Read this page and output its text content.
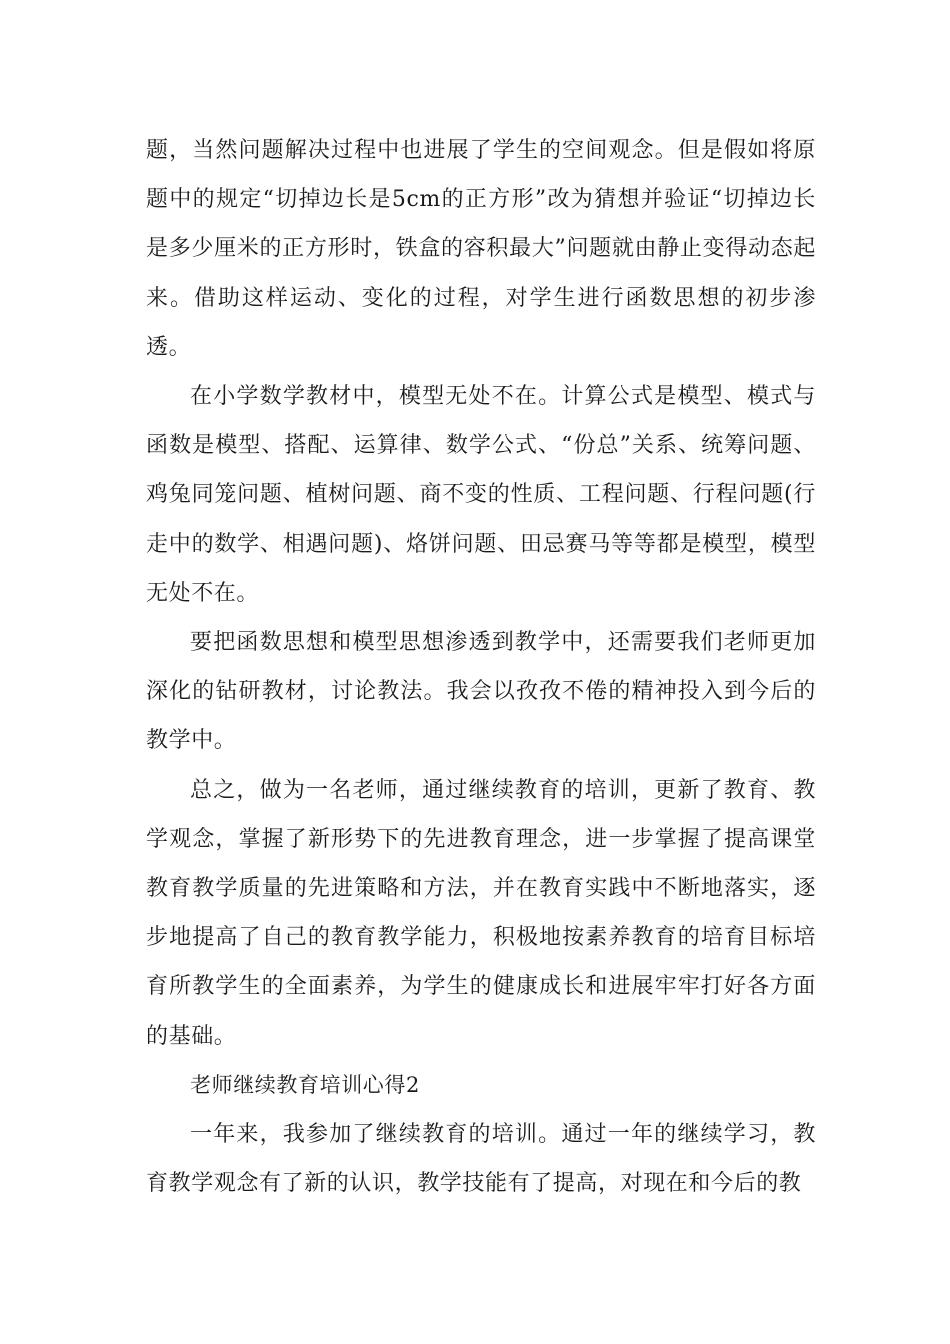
题，当然问题解决过程中也进展了学生的空间观念。但是假如将原题中的规定“切掉边长是5cm的正方形”改为猜想并验证“切掉边长是多少厘米的正方形时，铁盒的容积最大”问题就由静止变得动态起来。借助这样运动、变化的过程，对学生进行函数思想的初步渗透。

在小学数学教材中，模型无处不在。计算公式是模型、模式与函数是模型、搭配、运算律、数学公式、“份总”关系、统筹问题、鸡兔同笼问题、植树问题、商不变的性质、工程问题、行程问题(行走中的数学、相遇问题)、烙饼问题、田忌赛马等等都是模型，模型无处不在。

要把函数思想和模型思想渗透到教学中，还需要我们老师更加深化的钻研教材，讨论教法。我会以孜孜不倦的精神投入到今后的教学中。

总之，做为一名老师，通过继续教育的培训，更新了教育、教学观念，掌握了新形势下的先进教育理念，进一步掌握了提高课堂教育教学质量的先进策略和方法，并在教育实践中不断地落实，逐步地提高了自己的教育教学能力，积极地按素养教育的培育目标培育所教学生的全面素养，为学生的健康成长和进展牢牢打好各方面的基础。

老师继续教育培训心得2

一年来，我参加了继续教育的培训。通过一年的继续学习，教育教学观念有了新的认识，教学技能有了提高，对现在和今后的教
